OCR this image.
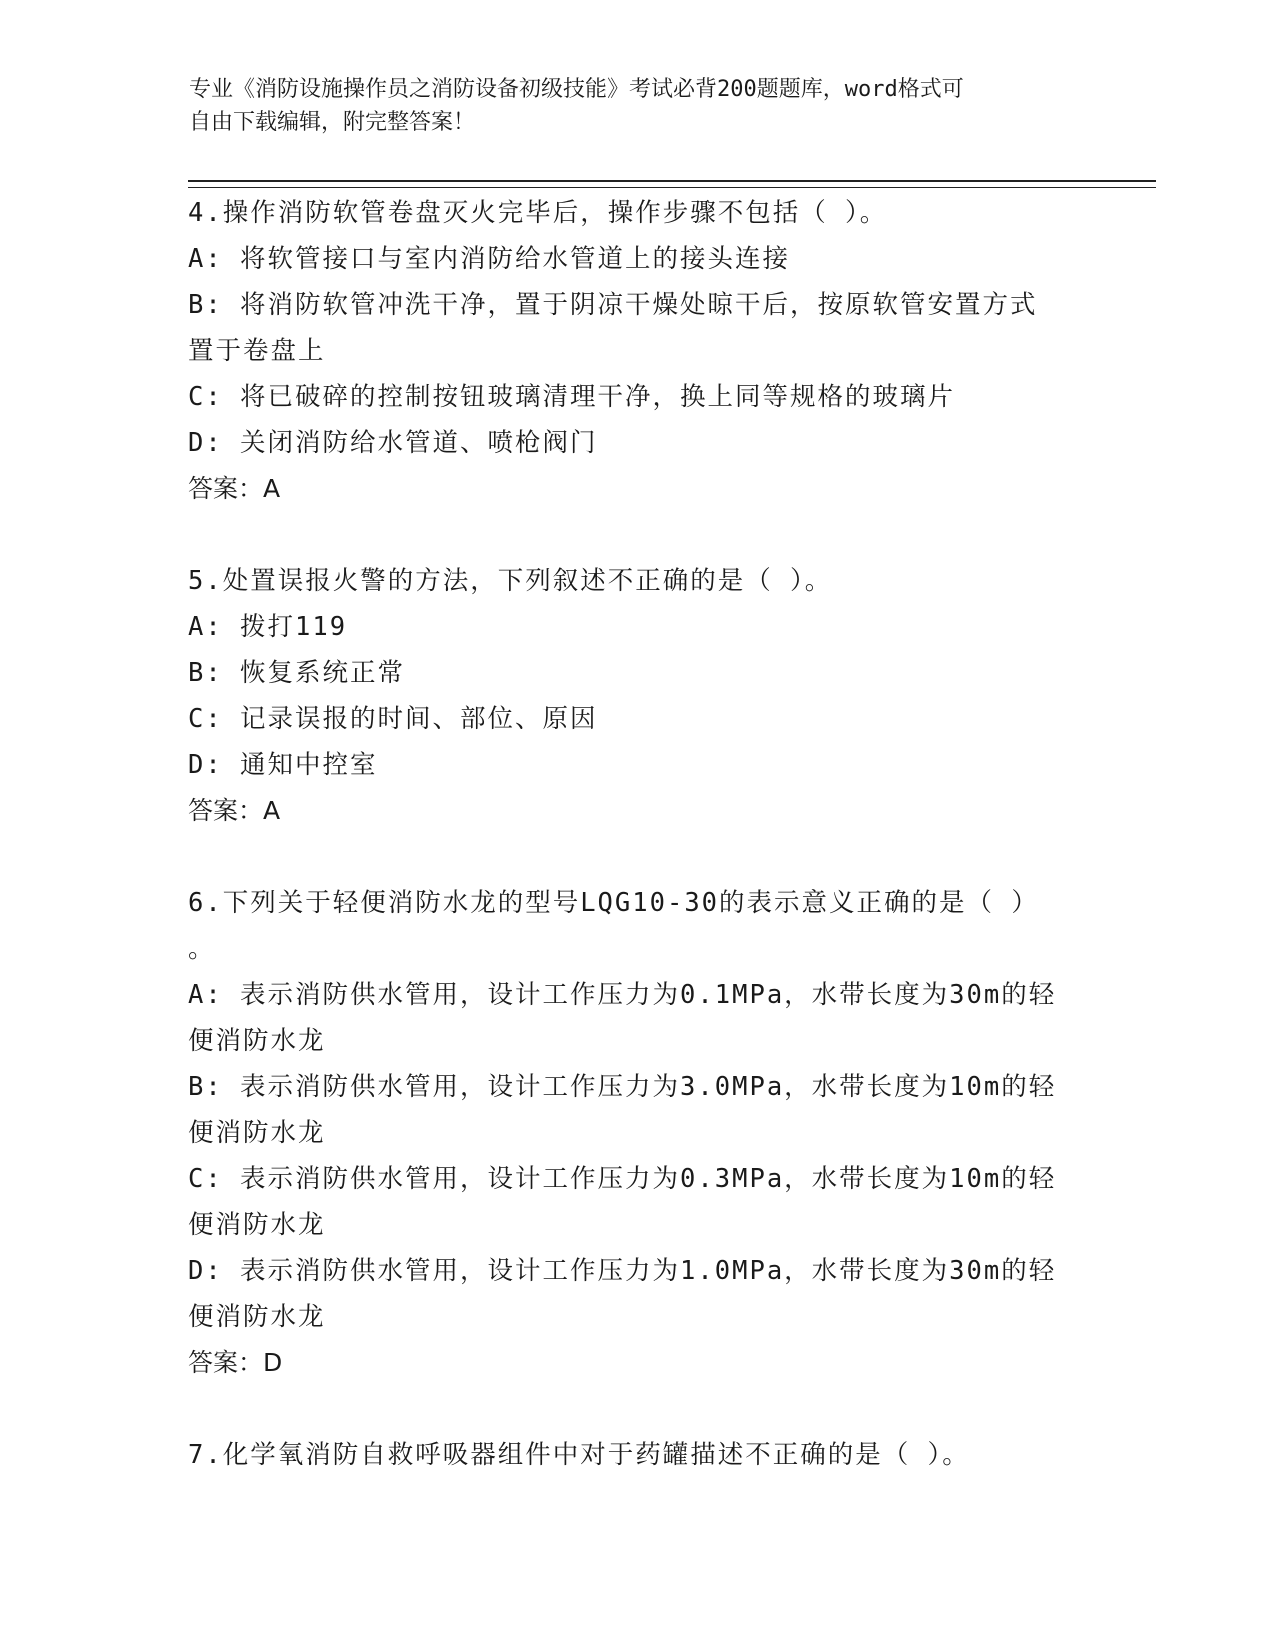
专业《消防设施操作员之消防设备初级技能》考试必背200题题库，word格式可
自由下载编辑，附完整答案！
4.操作消防软管卷盘灭火完毕后，操作步骤不包括（ ）。
A: 将软管接口与室内消防给水管道上的接头连接
B: 将消防软管冲洗干净，置于阴凉干燥处晾干后，按原软管安置方式
置于卷盘上
C: 将已破碎的控制按钮玻璃清理干净，换上同等规格的玻璃片
D: 关闭消防给水管道、喷枪阀门
答案：A
5.处置误报火警的方法，下列叙述不正确的是（ ）。
A: 拨打119
B: 恢复系统正常
C: 记录误报的时间、部位、原因
D: 通知中控室
答案：A
6.下列关于轻便消防水龙的型号LQG10-30的表示意义正确的是（ ）
。
A: 表示消防供水管用，设计工作压力为0.1MPa，水带长度为30m的轻
便消防水龙
B: 表示消防供水管用，设计工作压力为3.0MPa，水带长度为10m的轻
便消防水龙
C: 表示消防供水管用，设计工作压力为0.3MPa，水带长度为10m的轻
便消防水龙
D: 表示消防供水管用，设计工作压力为1.0MPa，水带长度为30m的轻
便消防水龙
答案：D
7.化学氧消防自救呼吸器组件中对于药罐描述不正确的是（ ）。
